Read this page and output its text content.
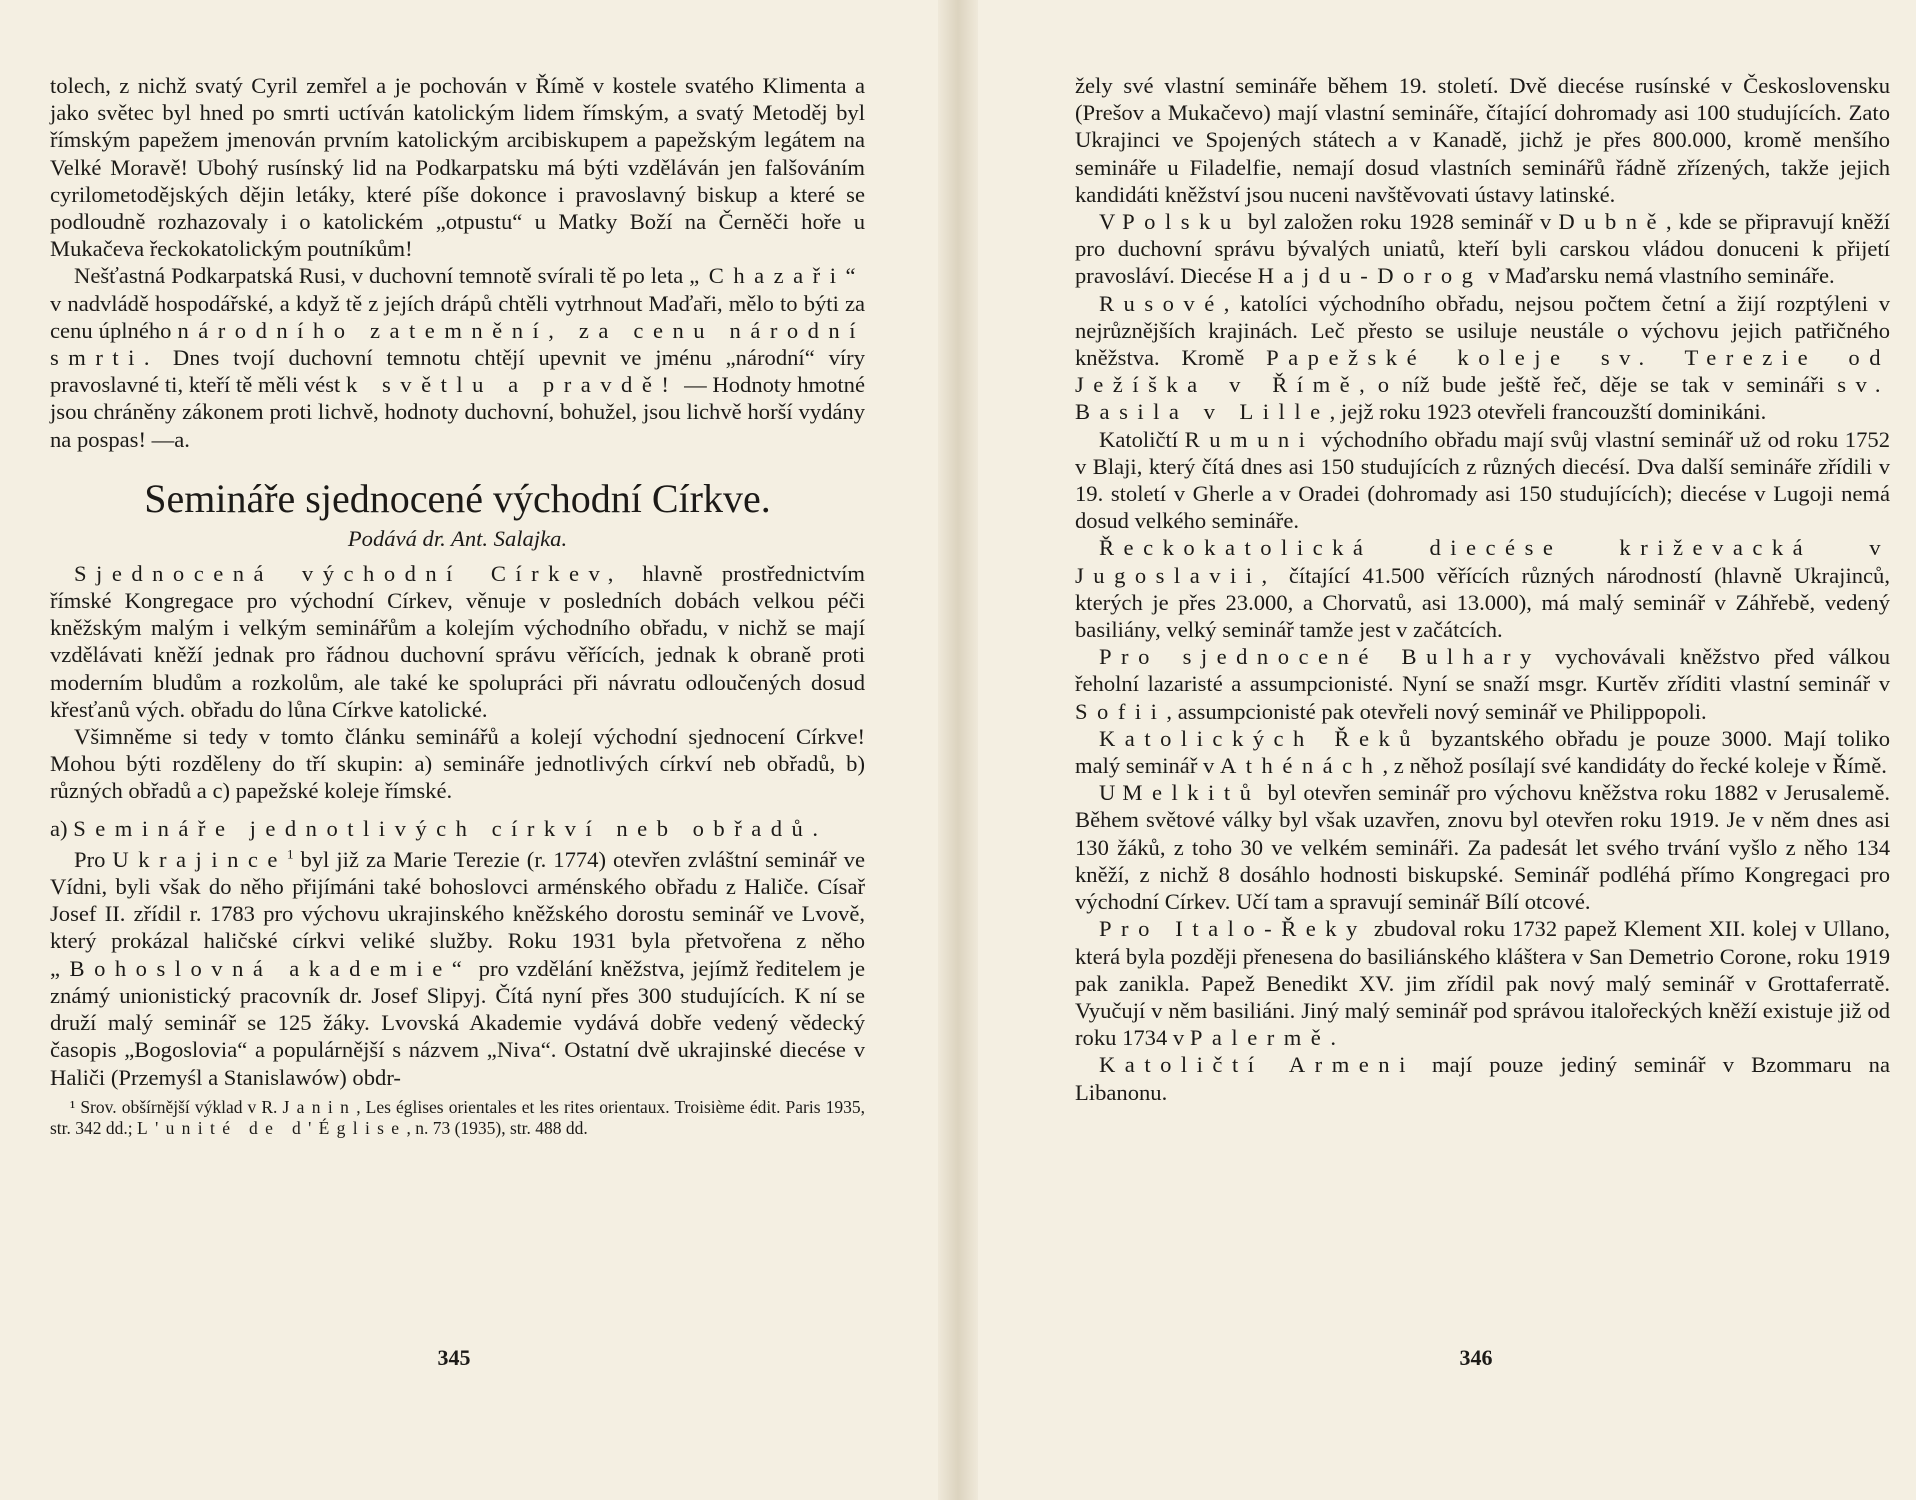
tolech, z nichž svatý Cyril zemřel a je pochován v Římě v kostele svatého Klimenta a jako světec byl hned po smrti uctíván katolickým lidem římským, a svatý Metoděj byl římským papežem jmenován prvním katolickým arcibiskupem a papežským legátem na Velké Moravě! Ubohý rusínský lid na Podkarpatsku má býti vzděláván jen falšováním cyrilometodějských dějin letáky, které píše dokonce i pravoslavný biskup a které se podloudně rozhazovaly i o katolickém „otpustu“ u Matky Boží na Černěči hoře u Mukačeva řeckokatolickým poutníkům!

Nešťastná Podkarpatská Rusi, v duchovní temnotě svírali tě po leta „Chazaři“ v nadvládě hospodářské, a když tě z jejích drápů chtěli vytrhnout Maďaři, mělo to býti za cenu úplného národního zatemnění, za cenu národní smrti. Dnes tvojí duchovní temnotu chtějí upevnit ve jménu „národní“ víry pravoslavné ti, kteří tě měli vést k světlu a pravdě! — Hodnoty hmotné jsou chráněny zákonem proti lichvě, hodnoty duchovní, bohužel, jsou lichvě horší vydány na pospas! —a.

Semináře sjednocené východní Církve.
Podává dr. Ant. Salajka.

Sjednocená východní Církev, hlavně prostřednictvím římské Kongregace pro východní Církev, věnuje v posledních dobách velkou péči kněžským malým i velkým seminářům a kolejím východního obřadu, v nichž se mají vzdělávati kněží jednak pro řádnou duchovní správu věřících, jednak k obraně proti moderním bludům a rozkolům, ale také ke spolupráci při návratu odloučených dosud křesťanů vých. obřadu do lůna Církve katolické.

Všimněme si tedy v tomto článku seminářů a kolejí východní sjednocení Církve! Mohou býti rozděleny do tří skupin: a) semináře jednotlivých církví neb obřadů, b) různých obřadů a c) papežské koleje římské.

a) Semináře jednotlivých církví neb obřadů.

Pro Ukrajince$^1$ byl již za Marie Terezie (r. 1774) otevřen zvláštní seminář ve Vídni, byli však do něho přijímáni také bohoslovci arménského obřadu z Haliče. Císař Josef II. zřídil r. 1783 pro výchovu ukrajinského kněžského dorostu seminář ve Lvově, který prokázal haličské církvi veliké služby. Roku 1931 byla přetvořena z něho „Bohoslovná akademie“ pro vzdělání kněžstva, jejímž ředitelem je známý unionistický pracovník dr. Josef Slipyj. Čítá nyní přes 300 studujících. K ní se druží malý seminář se 125 žáky. Lvovská Akademie vydává dobře vedený vědecký časopis „Bogoslovia“ a populárnější s názvem „Niva“. Ostatní dvě ukrajinské diecése v Haliči (Przemyśl a Stanislawów) obdr-

¹ Srov. obšírnější výklad v R. Janin, Les églises orientales et les rites orientaux. Troisième édit. Paris 1935, str. 342 dd.; L'unité de d'Église, n. 73 (1935), str. 488 dd.

345

žely své vlastní semináře během 19. století. Dvě diecése rusínské v Československu (Prešov a Mukačevo) mají vlastní semináře, čítající dohromady asi 100 studujících. Zato Ukrajinci ve Spojených státech a v Kanadě, jichž je přes 800.000, kromě menšího semináře u Filadelfie, nemají dosud vlastních seminářů řádně zřízených, takže jejich kandidáti kněžství jsou nuceni navštěvovati ústavy latinské.

V Polsku byl založen roku 1928 seminář v Dubně, kde se připravují kněží pro duchovní správu bývalých uniatů, kteří byli carskou vládou donuceni k přijetí pravosláví. Diecése Hajdu-Dorog v Maďarsku nemá vlastního semináře.

Rusové, katolíci východního obřadu, nejsou počtem četní a žijí rozptýleni v nejrůznějších krajinách. Leč přesto se usiluje neustále o výchovu jejich patřičného kněžstva. Kromě Papežské koleje sv. Terezie od Ježíška v Římě, o níž bude ještě řeč, děje se tak v semináři sv. Basila v Lille, jejž roku 1923 otevřeli francouzští dominikáni.

Katoličtí Rumuni východního obřadu mají svůj vlastní seminář už od roku 1752 v Blaji, který čítá dnes asi 150 studujících z různých diecésí. Dva další semináře zřídili v 19. století v Gherle a v Oradei (dohromady asi 150 studujících); diecése v Lugoji nemá dosud velkého semináře.

Řeckokatolická diecése križevacká v Jugoslavii, čítající 41.500 věřících různých národností (hlavně Ukrajinců, kterých je přes 23.000, a Chorvatů, asi 13.000), má malý seminář v Záhřebě, vedený basiliány, velký seminář tamže jest v začátcích.

Pro sjednocené Bulhary vychovávali kněžstvo před válkou řeholní lazaristé a assumpcionisté. Nyní se snaží msgr. Kurtěv zříditi vlastní seminář v Sofii, assumpcionisté pak otevřeli nový seminář ve Philippopoli.

Katolických Řeků byzantského obřadu je pouze 3000. Mají toliko malý seminář v Athénách, z něhož posílají své kandidáty do řecké koleje v Římě.

U Melkitů byl otevřen seminář pro výchovu kněžstva roku 1882 v Jerusalemě. Během světové války byl však uzavřen, znovu byl otevřen roku 1919. Je v něm dnes asi 130 žáků, z toho 30 ve velkém semináři. Za padesát let svého trvání vyšlo z něho 134 kněží, z nichž 8 dosáhlo hodnosti biskupské. Seminář podléhá přímo Kongregaci pro východní Církev. Učí tam a spravují seminář Bílí otcové.

Pro Italo-Řeky zbudoval roku 1732 papež Klement XII. kolej v Ullano, která byla později přenesena do basiliánského kláštera v San Demetrio Corone, roku 1919 pak zanikla. Papež Benedikt XV. jim zřídil pak nový malý seminář v Grottaferratě. Vyučují v něm basiliáni. Jiný malý seminář pod správou italořeckých kněží existuje již od roku 1734 v Palermě.

Katoličtí Armeni mají pouze jediný seminář v Bzommaru na Libanonu.

346
